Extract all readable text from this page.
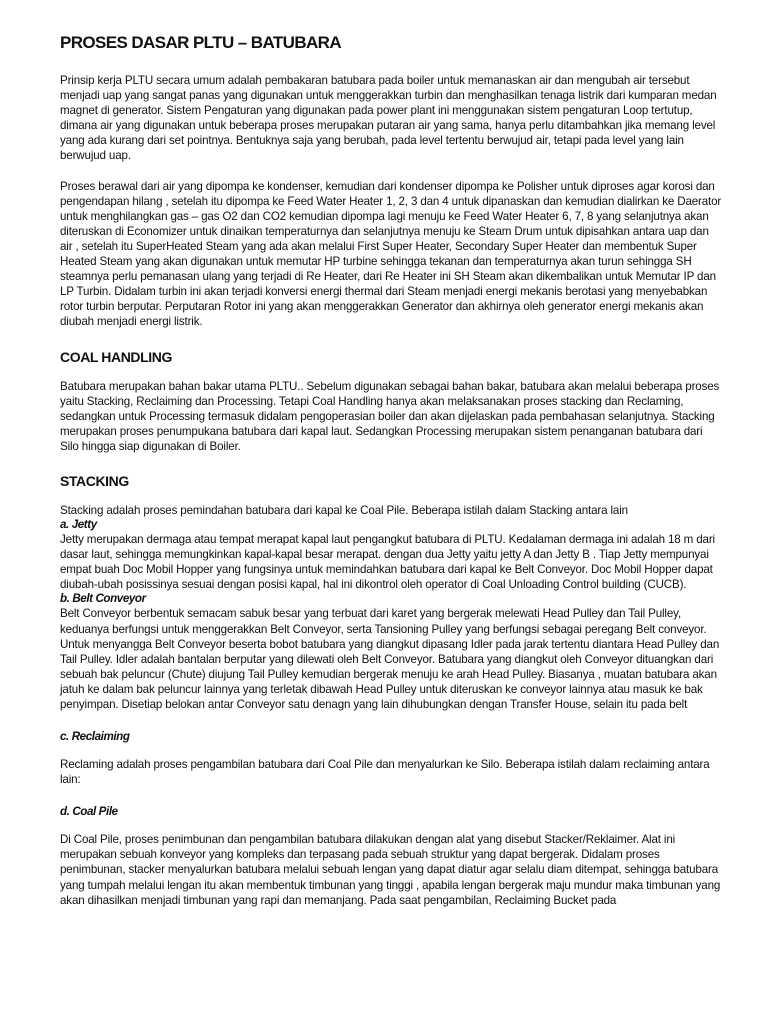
PROSES DASAR PLTU – BATUBARA

Prinsip kerja PLTU secara umum adalah pembakaran batubara pada boiler untuk memanaskan air dan mengubah air tersebut menjadi uap yang sangat panas yang digunakan untuk menggerakkan turbin dan menghasilkan tenaga listrik dari kumparan medan magnet di generator. Sistem Pengaturan yang digunakan pada power plant ini menggunakan sistem pengaturan Loop tertutup, dimana air yang digunakan untuk beberapa proses merupakan putaran air yang sama, hanya perlu ditambahkan jika memang level yang ada kurang dari set pointnya. Bentuknya saja yang berubah, pada level tertentu berwujud air, tetapi pada level yang lain berwujud uap.

Proses berawal dari air yang dipompa ke kondenser, kemudian dari kondenser dipompa ke Polisher untuk diproses agar korosi dan pengendapan hilang , setelah itu dipompa ke Feed Water Heater 1, 2, 3 dan 4 untuk dipanaskan dan kemudian dialirkan ke Daerator untuk menghilangkan gas – gas O2 dan CO2 kemudian dipompa lagi menuju ke Feed Water Heater 6, 7, 8 yang selanjutnya akan diteruskan di Economizer untuk dinaikan temperaturnya dan selanjutnya menuju ke Steam Drum untuk dipisahkan antara uap dan air , setelah itu SuperHeated Steam yang ada akan melalui First Super Heater, Secondary Super Heater dan membentuk Super Heated Steam yang akan digunakan untuk memutar HP turbine sehingga tekanan dan temperaturnya akan turun sehingga SH steamnya perlu pemanasan ulang yang terjadi di Re Heater, dari Re Heater ini SH Steam akan dikembalikan untuk Memutar IP dan LP Turbin. Didalam turbin ini akan terjadi konversi energi thermal dari Steam menjadi energi mekanis berotasi yang menyebabkan rotor turbin berputar. Perputaran Rotor ini yang akan menggerakkan Generator dan akhirnya oleh generator energi mekanis akan diubah menjadi energi listrik.

COAL HANDLING

Batubara merupakan bahan bakar utama PLTU.. Sebelum digunakan sebagai bahan bakar, batubara akan melalui beberapa proses yaitu Stacking, Reclaiming dan Processing. Tetapi Coal Handling hanya akan melaksanakan proses stacking dan Reclaming, sedangkan untuk Processing termasuk didalam pengoperasian boiler dan akan dijelaskan pada pembahasan selanjutnya. Stacking merupakan proses penumpukana batubara dari kapal laut. Sedangkan Processing merupakan sistem penanganan batubara dari Silo hingga siap digunakan di Boiler.

STACKING

Stacking adalah proses pemindahan batubara dari kapal ke Coal Pile. Beberapa istilah dalam Stacking antara lain

a. Jetty

Jetty merupakan dermaga atau tempat merapat kapal laut pengangkut batubara di PLTU. Kedalaman dermaga ini adalah 18 m dari dasar laut, sehingga memungkinkan kapal-kapal besar merapat. dengan dua Jetty yaitu jetty A dan Jetty B . Tiap Jetty mempunyai empat buah Doc Mobil Hopper yang fungsinya untuk memindahkan batubara dari kapal ke Belt Conveyor. Doc Mobil Hopper dapat diubah-ubah posissinya sesuai dengan posisi kapal, hal ini dikontrol oleh operator di Coal Unloading Control building (CUCB).

b. Belt Conveyor

Belt Conveyor berbentuk semacam sabuk besar yang terbuat dari karet yang bergerak melewati Head Pulley dan Tail Pulley, keduanya berfungsi untuk menggerakkan Belt Conveyor, serta Tansioning Pulley yang berfungsi sebagai peregang Belt conveyor. Untuk menyangga Belt Conveyor beserta bobot batubara yang diangkut dipasang Idler pada jarak tertentu diantara Head Pulley dan Tail Pulley. Idler adalah bantalan berputar yang dilewati oleh Belt Conveyor. Batubara yang diangkut oleh Conveyor dituangkan dari sebuah bak peluncur (Chute) diujung Tail Pulley kemudian bergerak menuju ke arah Head Pulley. Biasanya , muatan batubara akan jatuh ke dalam bak peluncur lainnya yang terletak dibawah Head Pulley untuk diteruskan ke conveyor lainnya atau masuk ke bak penyimpan. Disetiap belokan antar Conveyor satu denagn yang lain dihubungkan dengan Transfer House, selain itu pada belt

c. Reclaiming

Reclaming adalah proses pengambilan batubara dari Coal Pile dan menyalurkan ke Silo. Beberapa istilah dalam reclaiming antara lain:

d. Coal Pile

Di Coal Pile, proses penimbunan dan pengambilan batubara dilakukan dengan alat yang disebut Stacker/Reklaimer. Alat ini merupakan sebuah konveyor yang kompleks dan terpasang pada sebuah struktur yang dapat bergerak. Didalam proses penimbunan, stacker menyalurkan batubara melalui sebuah lengan yang dapat diatur agar selalu diam ditempat, sehingga batubara yang tumpah melalui lengan itu akan membentuk timbunan yang tinggi , apabila lengan bergerak maju mundur maka timbunan yang akan dihasilkan menjadi timbunan yang rapi dan memanjang. Pada saat pengambilan, Reclaiming Bucket pada
